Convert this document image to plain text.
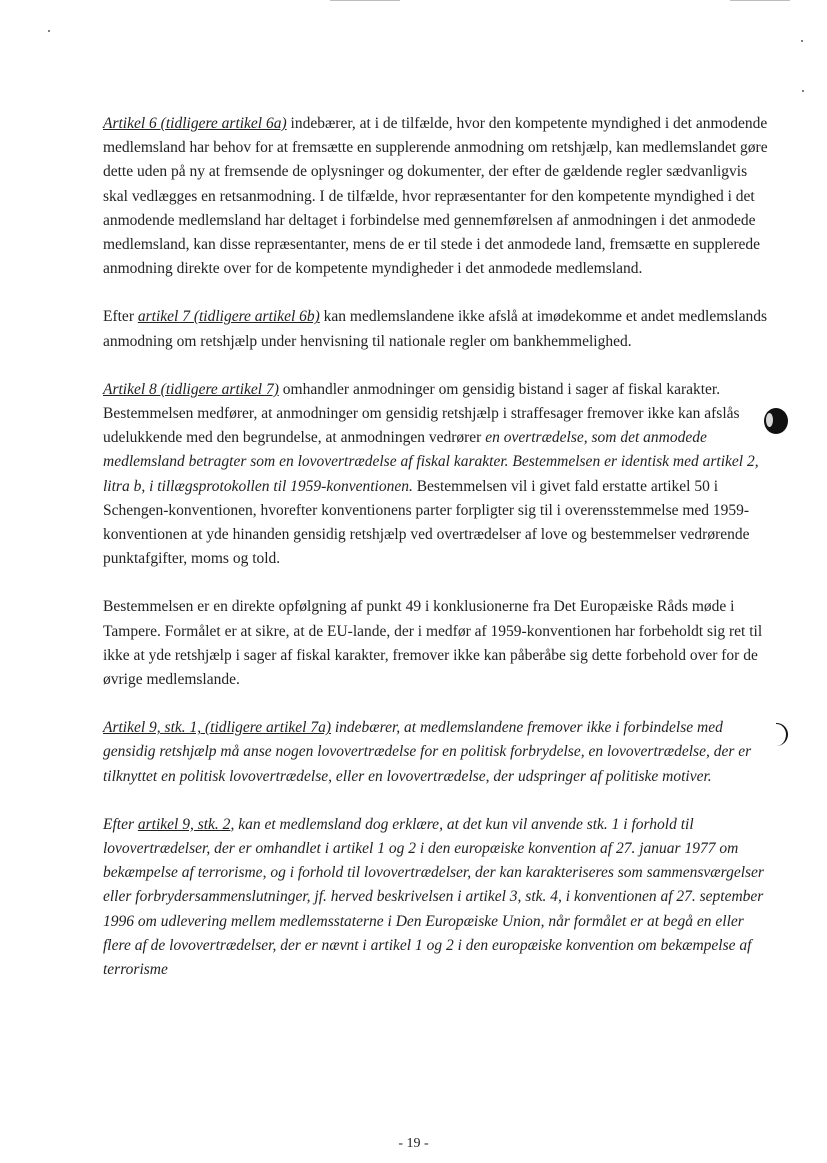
Artikel 6 (tidligere artikel 6a) indebærer, at i de tilfælde, hvor den kompetente myndighed i det anmodende medlemsland har behov for at fremsætte en supplerende anmodning om retshjælp, kan medlemslandet gøre dette uden på ny at fremsende de oplysninger og dokumenter, der efter de gældende regler sædvanligvis skal vedlægges en retsanmodning. I de tilfælde, hvor repræsentanter for den kompetente myndighed i det anmodende medlemsland har deltaget i forbindelse med gennemførelsen af anmodningen i det anmodede medlemsland, kan disse repræsentanter, mens de er til stede i det anmodede land, fremsætte en supplerede anmodning direkte over for de kompetente myndigheder i det anmodede medlemsland.

Efter artikel 7 (tidligere artikel 6b) kan medlemslandene ikke afslå at imødekomme et andet medlemslands anmodning om retshjælp under henvisning til nationale regler om bankhemmelighed.

Artikel 8 (tidligere artikel 7) omhandler anmodninger om gensidig bistand i sager af fiskal karakter. Bestemmelsen medfører, at anmodninger om gensidig retshjælp i straffesager fremover ikke kan afslås udelukkende med den begrundelse, at anmodningen vedrører en overtrædelse, som det anmodede medlemsland betragter som en lovovertrædelse af fiskal karakter. Bestemmelsen er identisk med artikel 2, litra b, i tillægsprotokollen til 1959-konventionen. Bestemmelsen vil i givet fald erstatte artikel 50 i Schengen-konventionen, hvorefter konventionens parter forpligter sig til i overensstemmelse med 1959-konventionen at yde hinanden gensidig retshjælp ved overtrædelser af love og bestemmelser vedrørende punktafgifter, moms og told.

Bestemmelsen er en direkte opfølgning af punkt 49 i konklusionerne fra Det Europæiske Råds møde i Tampere. Formålet er at sikre, at de EU-lande, der i medfør af 1959-konventionen har forbeholdt sig ret til ikke at yde retshjælp i sager af fiskal karakter, fremover ikke kan påberåbe sig dette forbehold over for de øvrige medlemslande.

Artikel 9, stk. 1, (tidligere artikel 7a) indebærer, at medlemslandene fremover ikke i forbindelse med gensidig retshjælp må anse nogen lovovertrædelse for en politisk forbrydelse, en lovovertrædelse, der er tilknyttet en politisk lovovertrædelse, eller en lovovertrædelse, der udspringer af politiske motiver.

Efter artikel 9, stk. 2, kan et medlemsland dog erklære, at det kun vil anvende stk. 1 i forhold til lovovertrædelser, der er omhandlet i artikel 1 og 2 i den europæiske konvention af 27. januar 1977 om bekæmpelse af terrorisme, og i forhold til lovovertrædelser, der kan karakteriseres som sammensværgelser eller forbrydersammenslutninger, jf. herved beskrivelsen i artikel 3, stk. 4, i konventionen af 27. september 1996 om udlevering mellem medlemsstaterne i Den Europæiske Union, når formålet er at begå en eller flere af de lovovertrædelser, der er nævnt i artikel 1 og 2 i den europæiske konvention om bekæmpelse af terrorisme

- 19 -
